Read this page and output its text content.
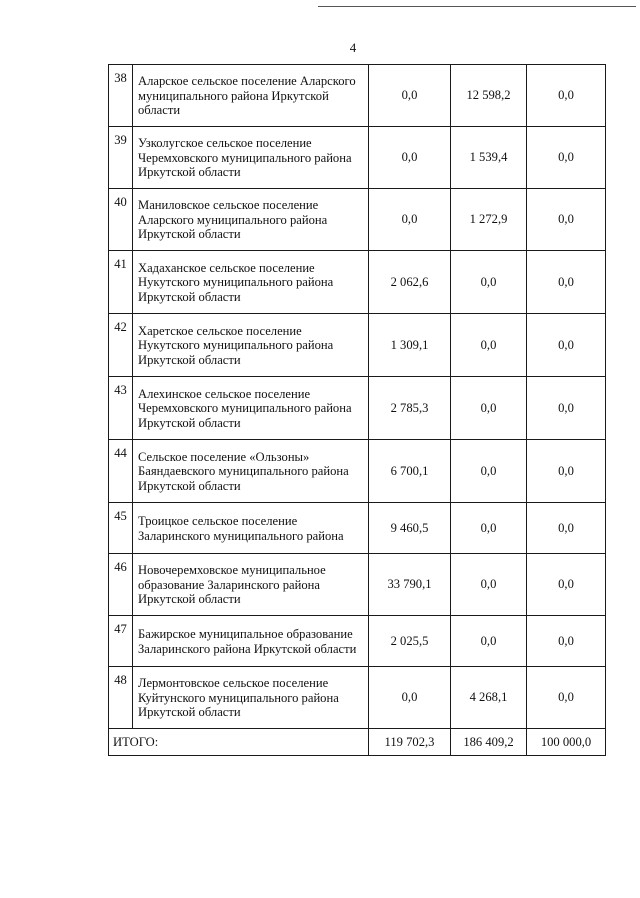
4
38	Аларское сельское поселение Аларского муниципального района Иркутской области	0,0	12 598,2	0,0
39	Узколугское сельское поселение Черемховского муниципального района Иркутской области	0,0	1 539,4	0,0
40	Маниловское сельское поселение Аларского муниципального района Иркутской области	0,0	1 272,9	0,0
41	Хадаханское сельское поселение Нукутского муниципального района Иркутской области	2 062,6	0,0	0,0
42	Харетское сельское поселение Нукутского муниципального района Иркутской области	1 309,1	0,0	0,0
43	Алехинское сельское поселение Черемховского муниципального района Иркутской области	2 785,3	0,0	0,0
44	Сельское поселение «Ользоны» Баяндаевского муниципального района Иркутской области	6 700,1	0,0	0,0
45	Троицкое сельское поселение Заларинского муниципального района	9 460,5	0,0	0,0
46	Новочеремховское муниципальное образование Заларинского района Иркутской области	33 790,1	0,0	0,0
47	Бажирское муниципальное образование Заларинского района Иркутской области	2 025,5	0,0	0,0
48	Лермонтовское сельское поселение Куйтунского муниципального района Иркутской области	0,0	4 268,1	0,0
ИТОГО:		119 702,3	186 409,2	100 000,0
